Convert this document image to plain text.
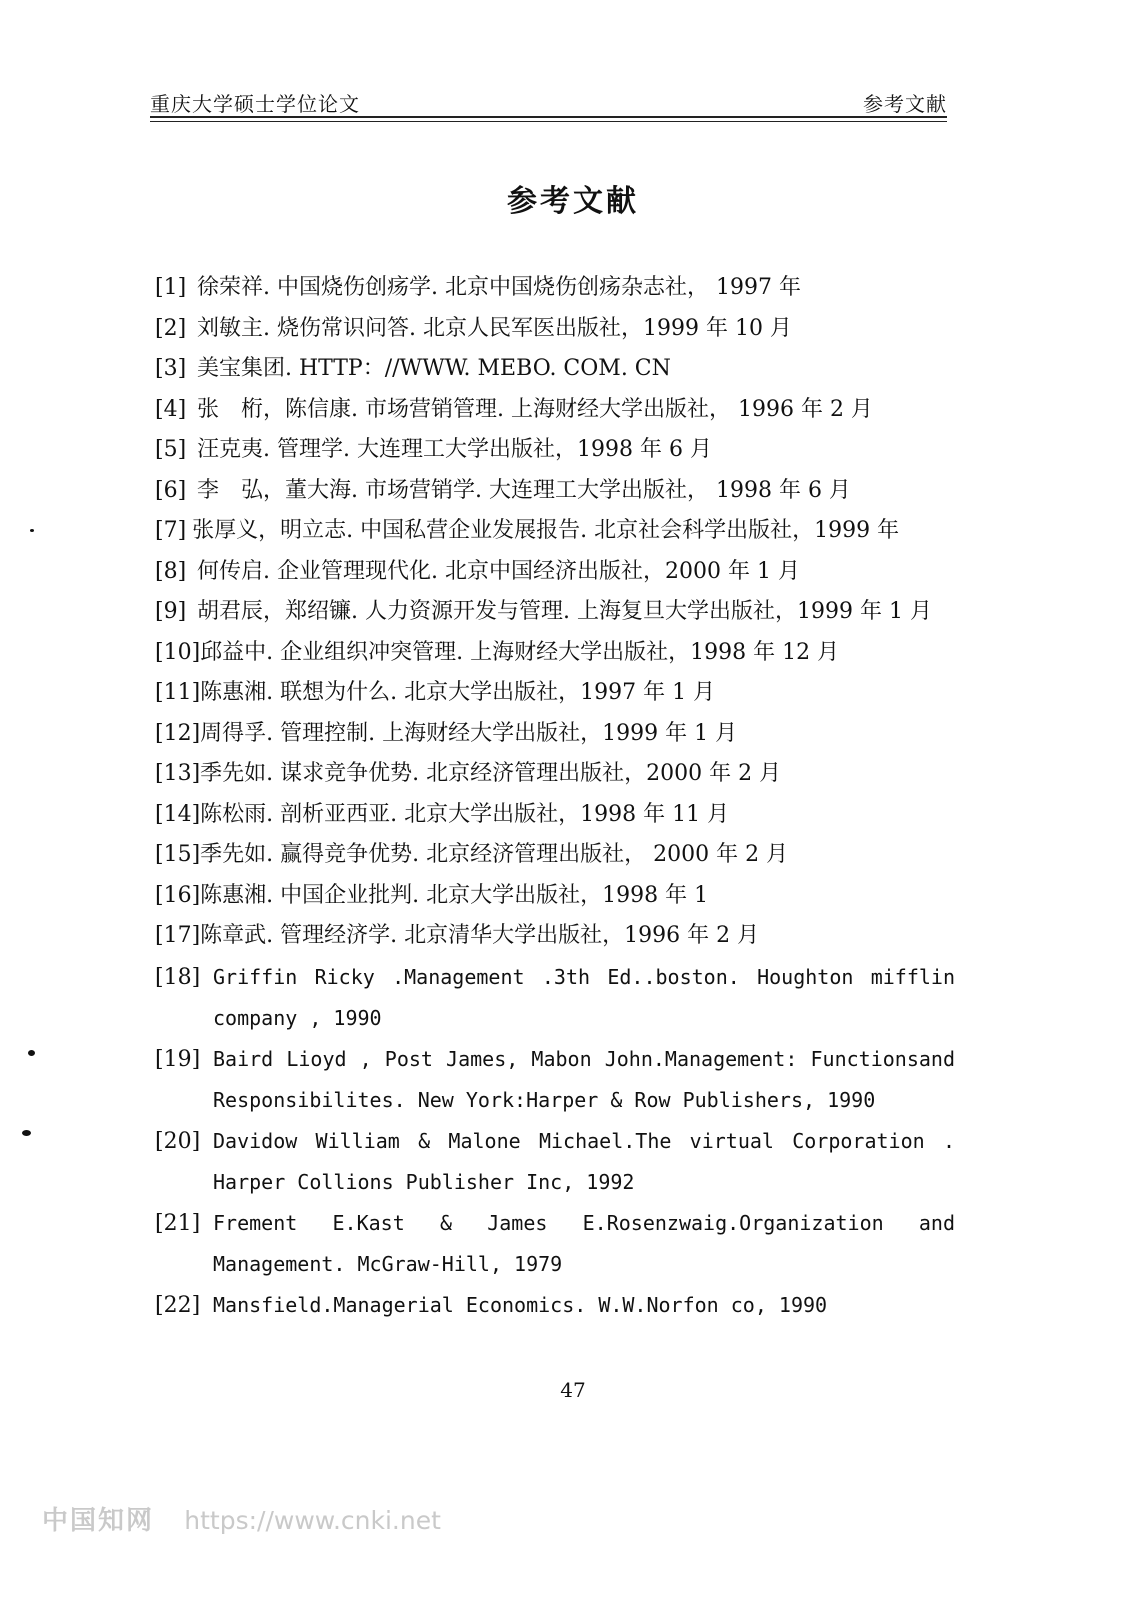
重庆大学硕士学位论文	参考文献
参考文献
[1] 徐荣祥. 中国烧伤创疡学. 北京中国烧伤创疡杂志社， 1997 年
[2] 刘敏主. 烧伤常识问答. 北京人民军医出版社，1999 年 10 月
[3] 美宝集团. HTTP：//WWW. MEBO. COM. CN
[4] 张　桁，陈信康. 市场营销管理. 上海财经大学出版社， 1996 年 2 月
[5] 汪克夷. 管理学. 大连理工大学出版社，1998 年 6 月
[6] 李　弘，董大海. 市场营销学. 大连理工大学出版社， 1998 年 6 月
[7] 张厚义，明立志. 中国私营企业发展报告. 北京社会科学出版社，1999 年
[8] 何传启. 企业管理现代化. 北京中国经济出版社，2000 年 1 月
[9] 胡君辰，郑绍镰. 人力资源开发与管理. 上海复旦大学出版社，1999 年 1 月
[10]邱益中. 企业组织冲突管理. 上海财经大学出版社，1998 年 12 月
[11]陈惠湘. 联想为什么. 北京大学出版社，1997 年 1 月
[12]周得孚. 管理控制. 上海财经大学出版社，1999 年 1 月
[13]季先如. 谋求竞争优势. 北京经济管理出版社，2000 年 2 月
[14]陈松雨. 剖析亚西亚. 北京大学出版社，1998 年 11 月
[15]季先如. 赢得竞争优势. 北京经济管理出版社， 2000 年 2 月
[16]陈惠湘. 中国企业批判. 北京大学出版社，1998 年 1
[17]陈章武. 管理经济学. 北京清华大学出版社，1996 年 2 月
[18] Griffin Ricky .Management .3th Ed..boston. Houghton mifflin company , 1990
[19] Baird Lioyd , Post James, Mabon John.Management: Functionsand Responsibilites. New York:Harper & Row Publishers, 1990
[20] Davidow William & Malone Michael.The virtual Corporation . Harper Collions Publisher Inc, 1992
[21] Frement E.Kast & James E.Rosenzwaig.Organization and Management. McGraw-Hill, 1979
[22] Mansfield.Managerial Economics. W.W.Norfon co, 1990
47
中国知网 https://www.cnki.net
